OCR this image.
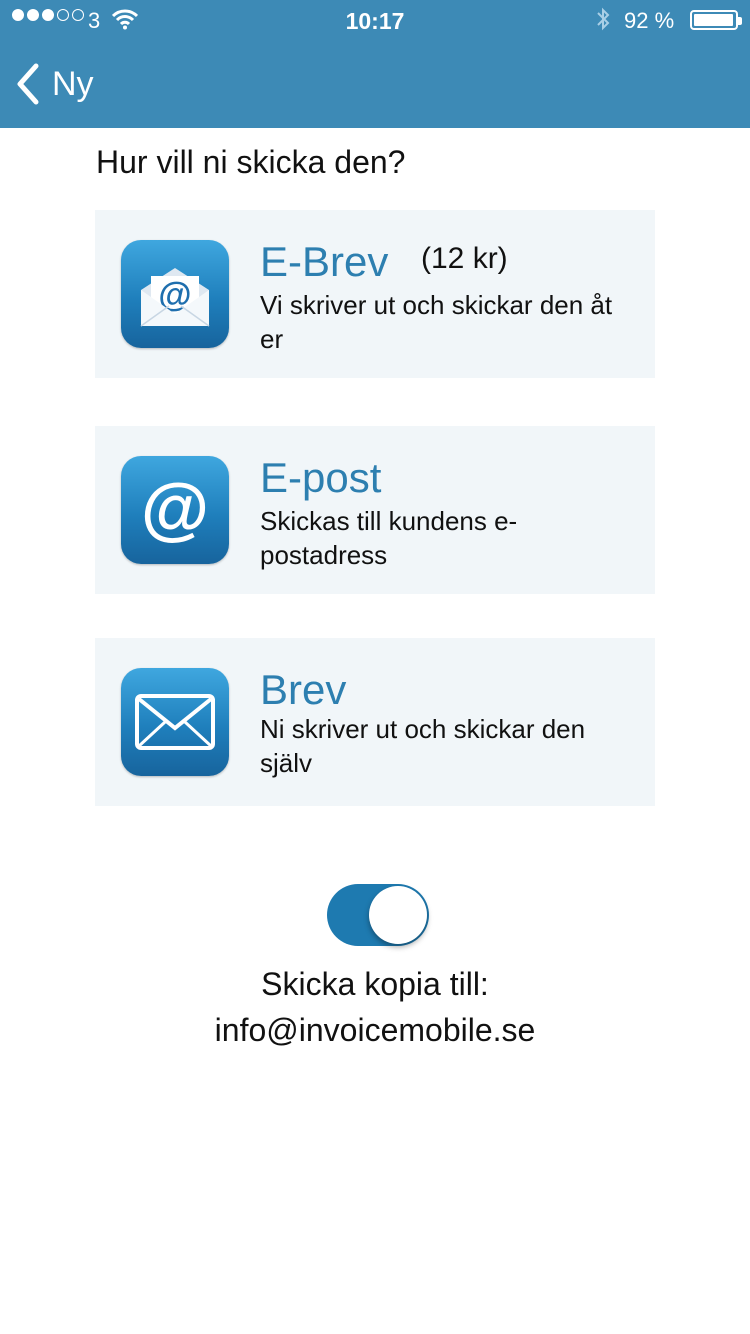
3	10:17	92 %
Ny
Hur vill ni skicka den?
@
E-Brev (12 kr)
Vi skriver ut och skickar den åt
er
@ E-post
Skickas till kundens e-
postadress
Brev
Ni skriver ut och skickar den
själv
Skicka kopia till:
info@invoicemobile.se
